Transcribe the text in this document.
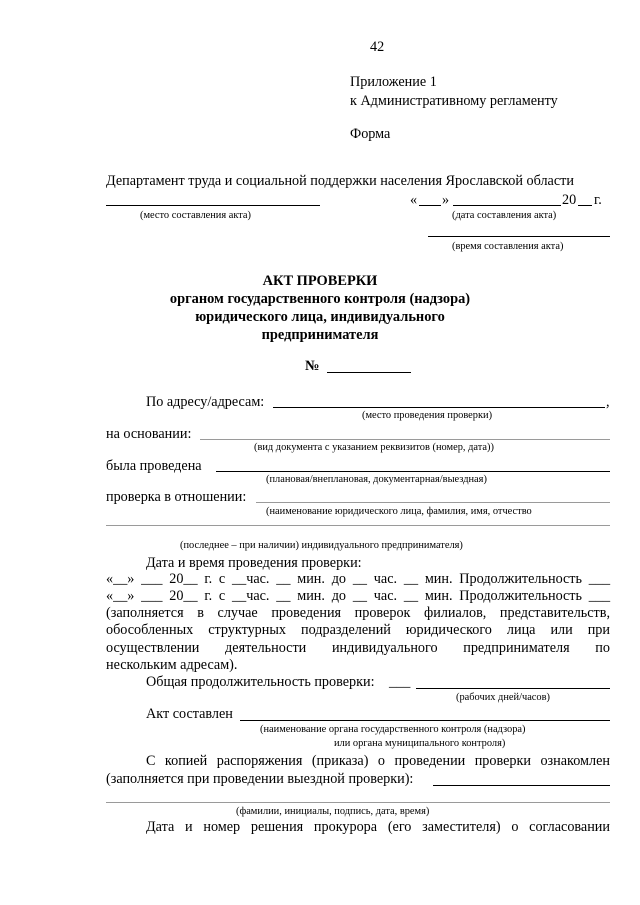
42
Приложение 1
к Административному регламенту
Форма
Департамент труда и социальной поддержки населения Ярославской области
« »	20 г.
(место составления акта)	(дата составления акта)
(время составления акта)
АКТ ПРОВЕРКИ
органом государственного контроля (надзора)
юридического лица, индивидуального
предпринимателя
№
По адресу/адресам:	,
(место проведения проверки)
на основании:
(вид документа с указанием реквизитов (номер, дата))
была проведена
(плановая/внеплановая, документарная/выездная)
проверка в отношении:
(наименование юридического лица, фамилия, имя, отчество
(последнее – при наличии) индивидуального предпринимателя)
Дата и время проведения проверки:
«__» ___ 20__ г. с __час. __ мин. до __ час. __ мин. Продолжительность ___
«__» ___ 20__ г. с __час. __ мин. до __ час. __ мин. Продолжительность ___
(заполняется в случае проведения проверок филиалов, представительств,
обособленных структурных подразделений юридического лица или при
осуществлении деятельности индивидуального предпринимателя по
нескольким адресам).
Общая продолжительность проверки: ___
(рабочих дней/часов)
Акт составлен
(наименование органа государственного контроля (надзора)
или органа муниципального контроля)
С копией распоряжения (приказа) о проведении проверки ознакомлен
(заполняется при проведении выездной проверки):
(фамилии, инициалы, подпись, дата, время)
Дата и номер решения прокурора (его заместителя) о согласовании
